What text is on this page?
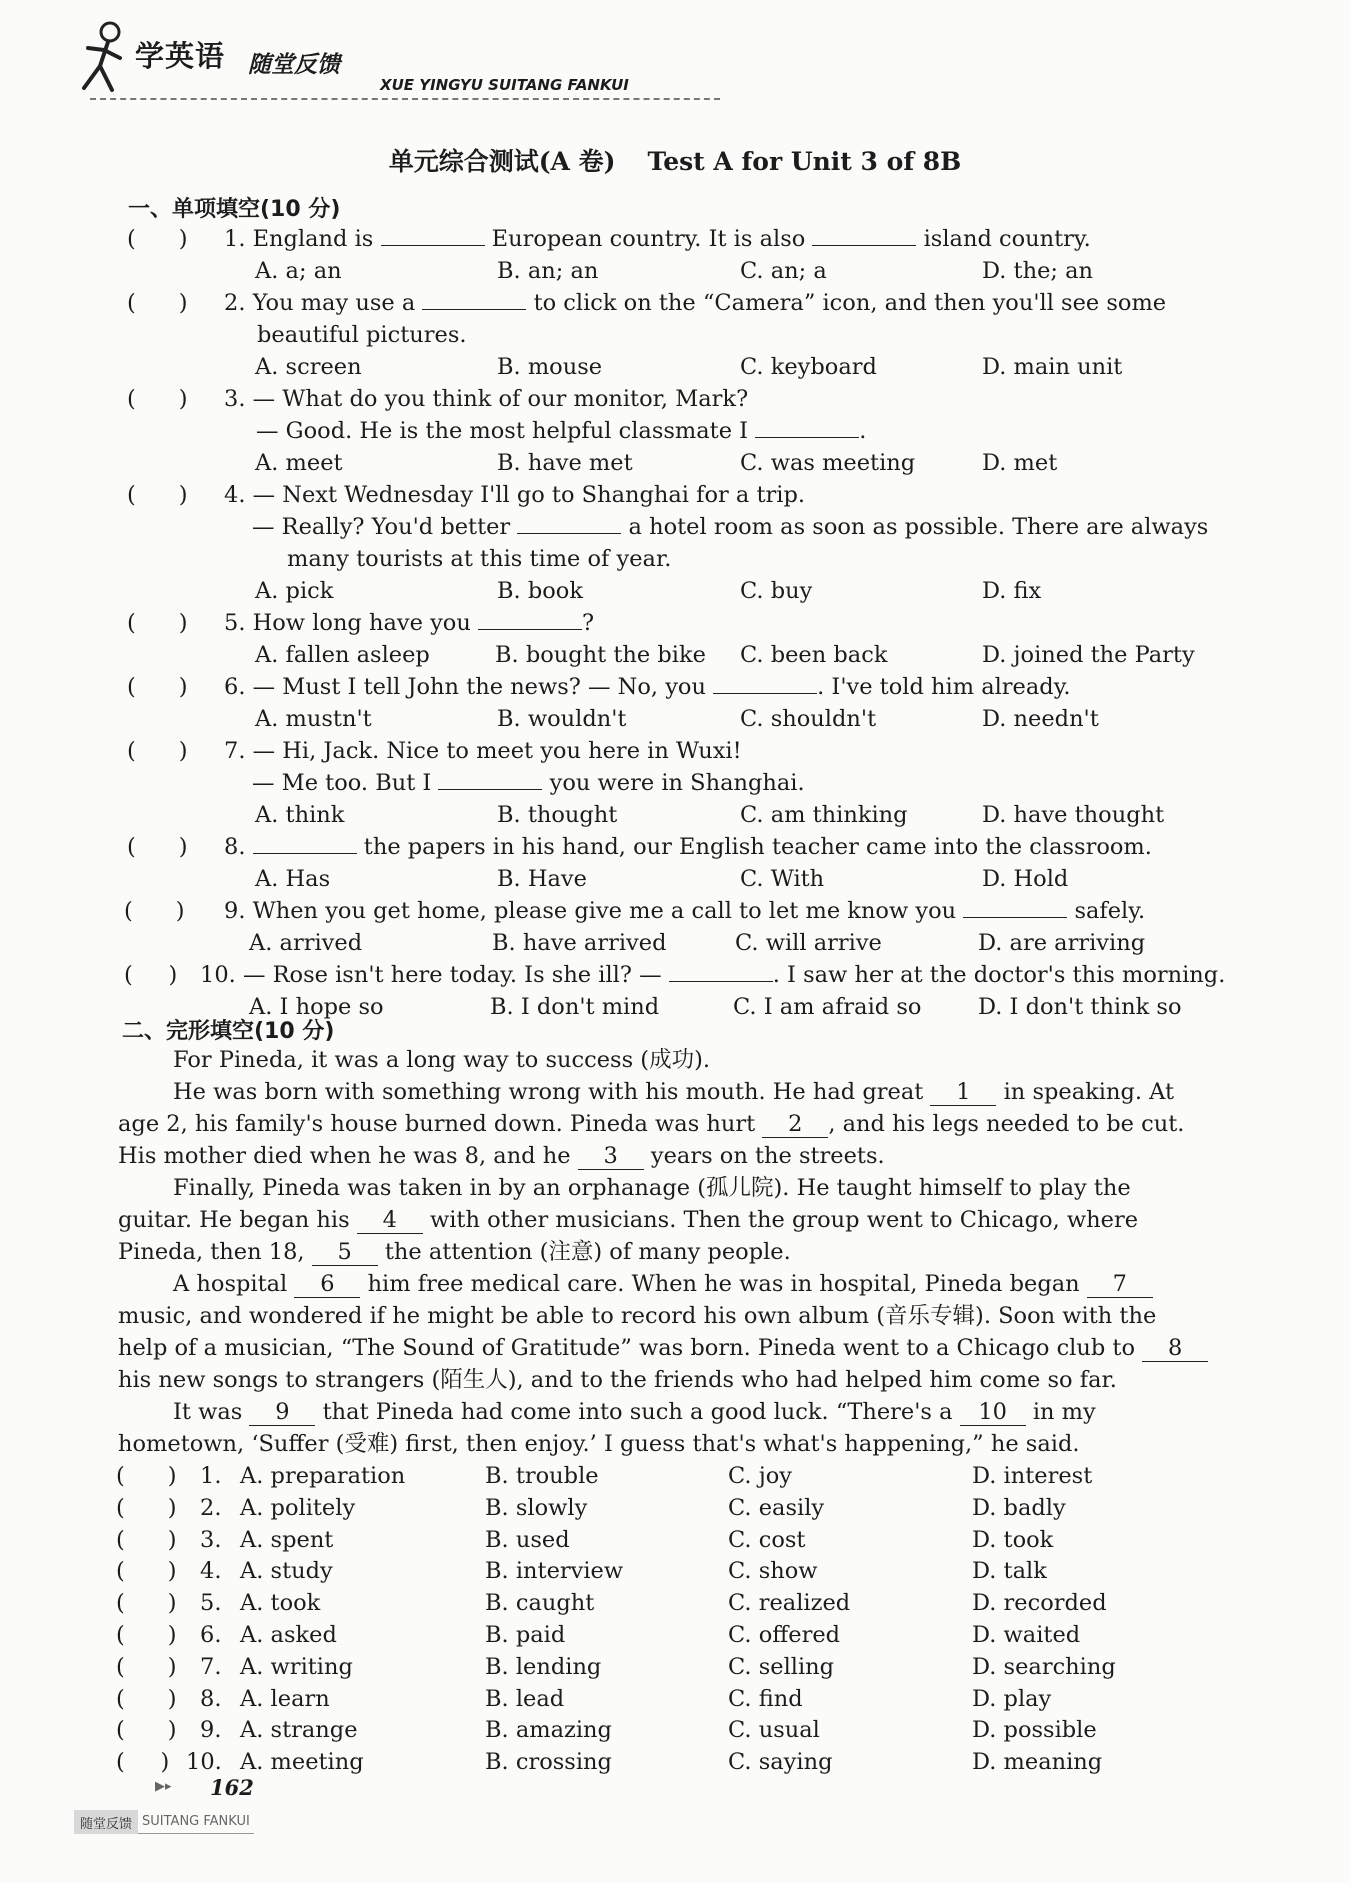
学英语 随堂反馈
XUE YINGYU SUITANG FANKUI
单元综合测试(A 卷) Test A for Unit 3 of 8B
一、单项填空(10 分)
(      ) 1. England is	European country. It is also	island country.
A. a; an	B. an; an	C. an; a	D. the; an
(      ) 2. You may use a	to click on the “Camera” icon, and then you'll see some
beautiful pictures.
A. screen	B. mouse	C. keyboard	D. main unit
(      ) 3. — What do you think of our monitor, Mark?
— Good. He is the most helpful classmate I	.
A. meet	B. have met	C. was meeting	D. met
(      ) 4. — Next Wednesday I'll go to Shanghai for a trip.
— Really? You'd better	a hotel room as soon as possible. There are always
many tourists at this time of year.
A. pick	B. book	C. buy	D. fix
(      ) 5. How long have you	?
A. fallen asleep	B. bought the bike C. been back	D. joined the Party
(      ) 6. — Must I tell John the news? — No, you	. I've told him already.
A. mustn't	B. wouldn't	C. shouldn't	D. needn't
(      ) 7. — Hi, Jack. Nice to meet you here in Wuxi!
— Me too. But I	you were in Shanghai.
A. think	B. thought	C. am thinking	D. have thought
(      ) 8.	the papers in his hand, our English teacher came into the classroom.
A. Has	B. Have	C. With	D. Hold
(      ) 9. When you get home, please give me a call to let me know you	safely.
A. arrived	B. have arrived	C. will arrive	D. are arriving
(     ) 10. — Rose isn't here today. Is she ill? —	. I saw her at the doctor's this morning.
A. I hope so	B. I don't mind	C. I am afraid so	D. I don't think so
二、完形填空(10 分)
For Pineda, it was a long way to success (成功).
He was born with something wrong with his mouth. He had great 1 in speaking. At
age 2, his family's house burned down. Pineda was hurt 2 , and his legs needed to be cut.
His mother died when he was 8, and he 3 years on the streets.
Finally, Pineda was taken in by an orphanage (孤儿院). He taught himself to play the
guitar. He began his 4 with other musicians. Then the group went to Chicago, where
Pineda, then 18, 5 the attention (注意) of many people.
A hospital 6 him free medical care. When he was in hospital, Pineda began 7
music, and wondered if he might be able to record his own album (音乐专辑). Soon with the
help of a musician, “The Sound of Gratitude” was born. Pineda went to a Chicago club to 8
his new songs to strangers (陌生人), and to the friends who had helped him come so far.
It was 9 that Pineda had come into such a good luck. “There's a 10 in my
hometown, ‘Suffer (受难) first, then enjoy.’ I guess that's what's happening,” he said.
(      ) 1. A. preparation	B. trouble	C. joy	D. interest
(      ) 2. A. politely	B. slowly	C. easily	D. badly
(      ) 3. A. spent	B. used	C. cost	D. took
(      ) 4. A. study	B. interview	C. show	D. talk
(      ) 5. A. took	B. caught	C. realized	D. recorded
(      ) 6. A. asked	B. paid	C. offered	D. waited
(      ) 7. A. writing	B. lending	C. selling	D. searching
(      ) 8. A. learn	B. lead	C. find	D. play
(      ) 9. A. strange	B. amazing	C. usual	D. possible
(     ) 10. A. meeting	B. crossing	C. saying	D. meaning
▶▸ 162
随堂反馈 SUITANG FANKUI
